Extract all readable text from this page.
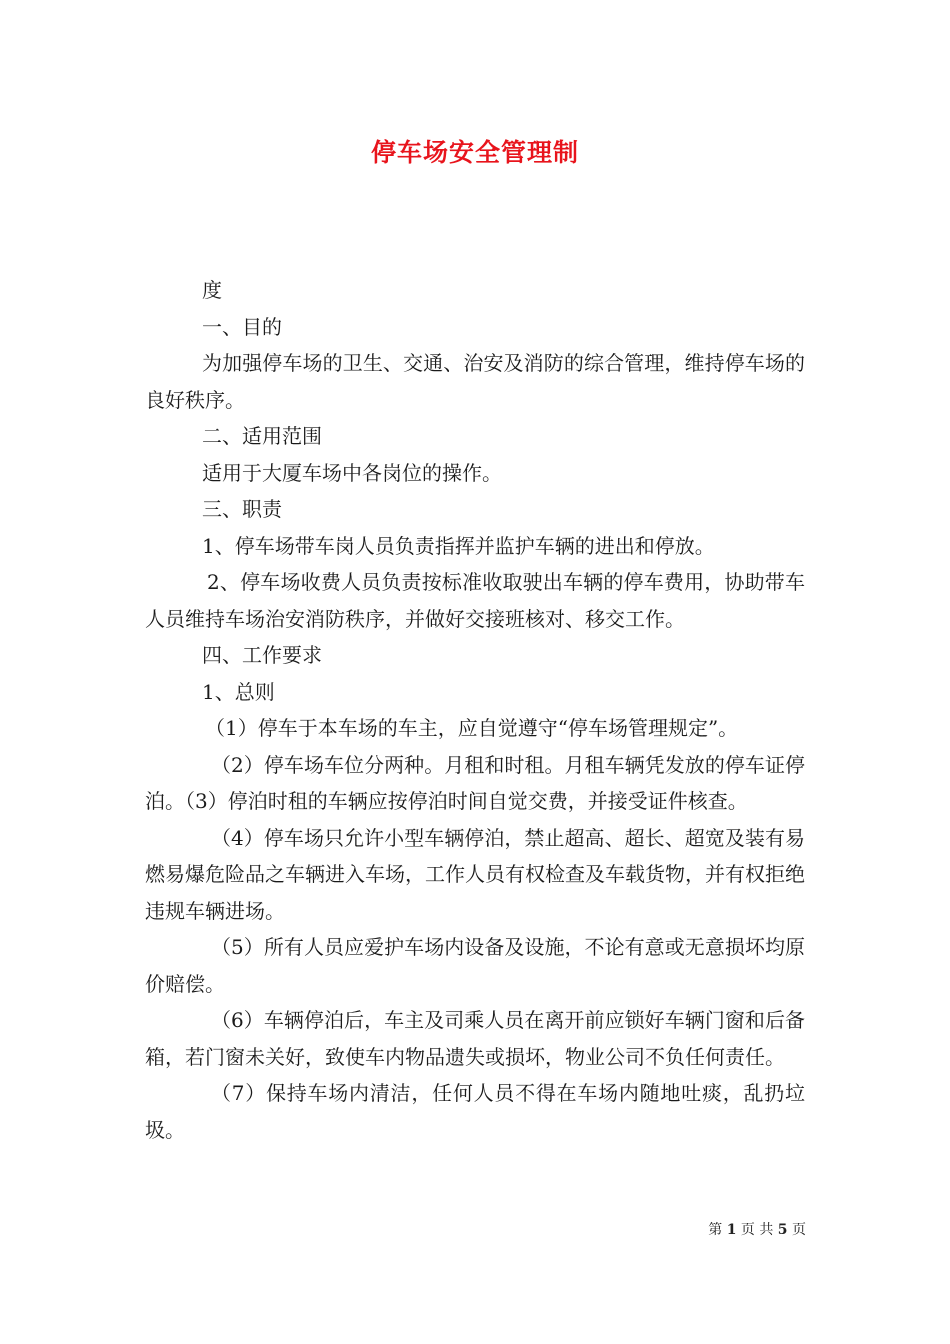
停车场安全管理制

度

一、目的

为加强停车场的卫生、交通、治安及消防的综合管理，维持停车场的良好秩序。

二、适用范围

适用于大厦车场中各岗位的操作。

三、职责

1、停车场带车岗人员负责指挥并监护车辆的进出和停放。

2、停车场收费人员负责按标准收取驶出车辆的停车费用，协助带车人员维持车场治安消防秩序，并做好交接班核对、移交工作。

四、工作要求

1、总则

（1）停车于本车场的车主，应自觉遵守“停车场管理规定”。

（2）停车场车位分两种。月租和时租。月租车辆凭发放的停车证停泊。（3）停泊时租的车辆应按停泊时间自觉交费，并接受证件核查。

（4）停车场只允许小型车辆停泊，禁止超高、超长、超宽及装有易燃易爆危险品之车辆进入车场，工作人员有权检查及车载货物，并有权拒绝违规车辆进场。

（5）所有人员应爱护车场内设备及设施，不论有意或无意损坏均原价赔偿。

（6）车辆停泊后，车主及司乘人员在离开前应锁好车辆门窗和后备箱，若门窗未关好，致使车内物品遗失或损坏，物业公司不负任何责任。

（7）保持车场内清洁，任何人员不得在车场内随地吐痰，乱扔垃圾。

第 1 页 共 5 页
